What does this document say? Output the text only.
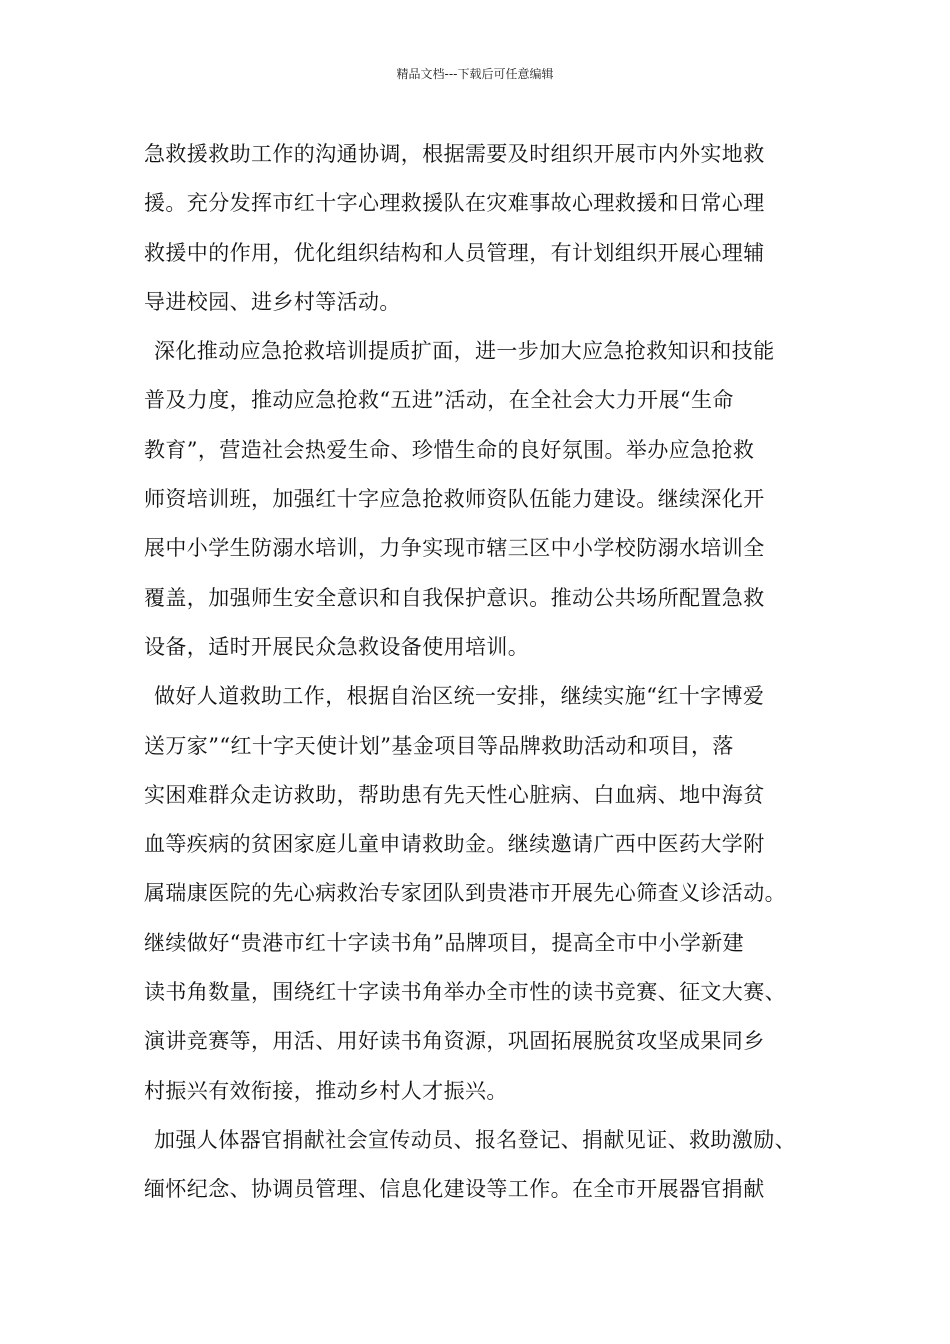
精品文档---下载后可任意编辑
急救援救助工作的沟通协调，根据需要及时组织开展市内外实地救
援。充分发挥市红十字心理救援队在灾难事故心理救援和日常心理
救援中的作用，优化组织结构和人员管理，有计划组织开展心理辅
导进校园、进乡村等活动。
深化推动应急抢救培训提质扩面，进一步加大应急抢救知识和技能
普及力度，推动应急抢救“五进”活动，在全社会大力开展“生命
教育”，营造社会热爱生命、珍惜生命的良好氛围。举办应急抢救
师资培训班，加强红十字应急抢救师资队伍能力建设。继续深化开
展中小学生防溺水培训，力争实现市辖三区中小学校防溺水培训全
覆盖，加强师生安全意识和自我保护意识。推动公共场所配置急救
设备，适时开展民众急救设备使用培训。
做好人道救助工作，根据自治区统一安排，继续实施“红十字博爱
送万家”“红十字天使计划”基金项目等品牌救助活动和项目，落
实困难群众走访救助，帮助患有先天性心脏病、白血病、地中海贫
血等疾病的贫困家庭儿童申请救助金。继续邀请广西中医药大学附
属瑞康医院的先心病救治专家团队到贵港市开展先心筛查义诊活动。
继续做好“贵港市红十字读书角”品牌项目，提高全市中小学新建
读书角数量，围绕红十字读书角举办全市性的读书竞赛、征文大赛、
演讲竞赛等，用活、用好读书角资源，巩固拓展脱贫攻坚成果同乡
村振兴有效衔接，推动乡村人才振兴。
加强人体器官捐献社会宣传动员、报名登记、捐献见证、救助激励、
缅怀纪念、协调员管理、信息化建设等工作。在全市开展器官捐献
